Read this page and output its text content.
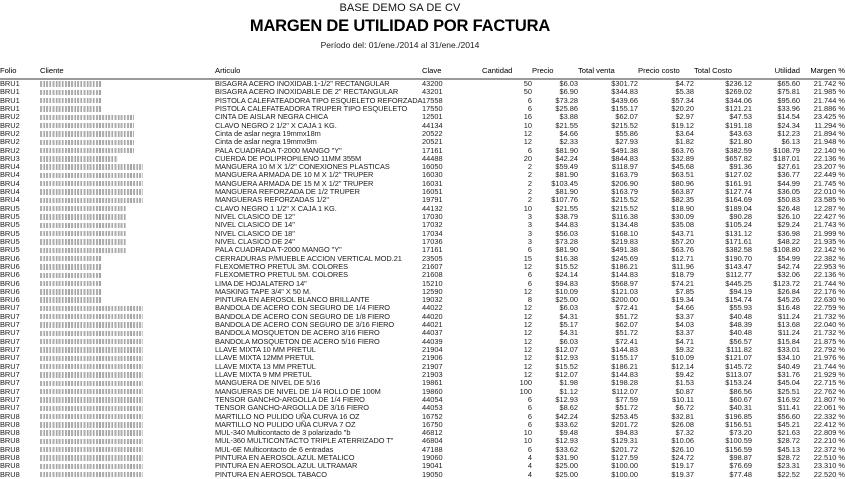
BASE DEMO SA DE CV
MARGEN DE UTILIDAD POR FACTURA
Período del: 01/ene./2014 al 31/ene./2014
Folio	Cliente	Articulo	Clave	Cantidad	Precio	Total venta	Precio costo	Total Costo	Utilidad	Margen %
BRU1		BISAGRA ACERO INOXIDAB.1-1/2" RECTANGULAR	43200	50	$6.03	$301.72	$4.72	$236.12	$65.60	21.742 %
BRU1		BISAGRA ACERO INOXIDABLE DE 2" RECTANGULAR	43201	50	$6.90	$344.83	$5.38	$269.02	$75.81	21.985 %
BRU1		PISTOLA CALEFATEADORA TIPO ESQUELETO REFORZADA	17558	6	$73.28	$439.66	$57.34	$344.06	$95.60	21.744 %
BRU1		PISTOLA CALEFATEADORA TRUPER TIPO ESQUELETO	17550	6	$25.86	$155.17	$20.20	$121.21	$33.96	21.886 %
BRU2		CINTA DE AISLAR NEGRA CHICA	12501	16	$3.88	$62.07	$2.97	$47.53	$14.54	23.425 %
BRU2		CLAVO NEGRO 2 1/2" X CAJA 1 KG.	44134	10	$21.55	$215.52	$19.12	$191.18	$24.34	11.294 %
BRU2		Cinta de aslar negra 19mmx18m	20522	12	$4.66	$55.86	$3.64	$43.63	$12.23	21.894 %
BRU2		Cinta de aslar negra 19mmx9m	20521	12	$2.33	$27.93	$1.82	$21.80	$6.13	21.948 %
BRU2		PALA CUADRADA T-2000 MANGO "Y"	17161	6	$81.90	$491.38	$63.76	$382.59	$108.79	22.140 %
BRU3		CUERDA DE POLIPROPILENO 11MM 355M	44488	20	$42.24	$844.83	$32.89	$657.82	$187.01	22.136 %
BRU4		MANGUERA 10 M X 1/2" CONEXIONES PLASTICAS	16050	2	$59.49	$118.97	$45.68	$91.36	$27.61	23.207 %
BRU4		MANGUERA ARMADA DE 10 M X 1/2" TRUPER	16030	2	$81.90	$163.79	$63.51	$127.02	$36.77	22.449 %
BRU4		MANGUERA ARMADA DE 15 M X 1/2" TRUPER	16031	2	$103.45	$206.90	$80.96	$161.91	$44.99	21.745 %
BRU4		MANGUERA REFORZADA DE 1/2 TRUPER	16051	2	$81.90	$163.79	$63.87	$127.74	$36.05	22.010 %
BRU4		MANGUERAS REFORZADAS 1/2"	19791	2	$107.76	$215.52	$82.35	$164.69	$50.83	23.585 %
BRU5		CLAVO NEGRO 1 1/2" X CAJA 1 KG.	44132	10	$21.55	$215.52	$18.90	$189.04	$26.48	12.287 %
BRU5		NIVEL CLASICO DE 12"	17030	3	$38.79	$116.38	$30.09	$90.28	$26.10	22.427 %
BRU5		NIVEL CLASICO DE 14"	17032	3	$44.83	$134.48	$35.08	$105.24	$29.24	21.743 %
BRU5		NIVEL CLASICO DE 18"	17034	3	$56.03	$168.10	$43.71	$131.12	$36.98	21.999 %
BRU5		NIVEL CLASICO DE 24"	17036	3	$73.28	$219.83	$57.20	$171.61	$48.22	21.935 %
BRU5		PALA CUADRADA T-2000 MANGO "Y"	17161	6	$81.90	$491.38	$63.76	$382.58	$108.80	22.142 %
BRU6		CERRADURAS P/MUEBLE ACCION VERTICAL MOD.21	23505	15	$16.38	$245.69	$12.71	$190.70	$54.99	22.382 %
BRU6		FLEXOMETRO PRETUL 3M. COLORES	21607	12	$15.52	$186.21	$11.96	$143.47	$42.74	22.953 %
BRU6		FLEXOMETRO PRETUL 5M. COLORES	21608	6	$24.14	$144.83	$18.79	$112.77	$32.06	22.136 %
BRU6		LIMA DE HOJALATERO 14"	15210	6	$94.83	$568.97	$74.21	$445.25	$123.72	21.744 %
BRU6		MASKING TAPE 3/4" X 50 M.	12590	12	$10.09	$121.03	$7.85	$94.19	$26.84	22.176 %
BRU6		PINTURA EN AEROSOL BLANCO BRILLANTE	19032	8	$25.00	$200.00	$19.34	$154.74	$45.26	22.630 %
BRU7		BANDOLA DE ACERO CON SEGURO DE 1/4 FIERO	44022	12	$6.03	$72.41	$4.66	$55.93	$16.48	22.759 %
BRU7		BANDOLA DE ACERO CON SEGURO DE 1/8 FIERO	44020	12	$4.31	$51.72	$3.37	$40.48	$11.24	21.732 %
BRU7		BANDOLA DE ACERO CON SEGURO DE 3/16 FIERO	44021	12	$5.17	$62.07	$4.03	$48.39	$13.68	22.040 %
BRU7		BANDOLA MOSQUETON DE ACERO 3/16 FIERO	44037	12	$4.31	$51.72	$3.37	$40.48	$11.24	21.732 %
BRU7		BANDOLA MOSQUETON DE ACERO 5/16 FIERO	44039	12	$6.03	$72.41	$4.71	$56.57	$15.84	21.875 %
BRU7		LLAVE MIXTA 10 MM PRETUL	21904	12	$12.07	$144.83	$9.32	$111.82	$33.01	22.792 %
BRU7		LLAVE MIXTA 12MM PRETUL	21906	12	$12.93	$155.17	$10.09	$121.07	$34.10	21.976 %
BRU7		LLAVE MIXTA 13 MM PRETUL	21907	12	$15.52	$186.21	$12.14	$145.72	$40.49	21.744 %
BRU7		LLAVE MIXTA 9 MM PRETUL	21903	12	$12.07	$144.83	$9.42	$113.07	$31.76	21.929 %
BRU7		MANGUERA DE NIVEL DE 5/16	19861	100	$1.98	$198.28	$1.53	$153.24	$45.04	22.715 %
BRU7		MANGUERAS DE NIVEL DE 1/4 ROLLO DE 100M	19860	100	$1.12	$112.07	$0.87	$86.56	$25.51	22.762 %
BRU7		TENSOR GANCHO-ARGOLLA DE 1/4 FIERO	44054	6	$12.93	$77.59	$10.11	$60.67	$16.92	21.807 %
BRU7		TENSOR GANCHO-ARGOLLA DE 3/16 FIERO	44053	6	$8.62	$51.72	$6.72	$40.31	$11.41	22.061 %
BRU8		MARTILLO NO PULIDO UÑA CURVA 16 OZ	16752	6	$42.24	$253.45	$32.81	$196.85	$56.60	22.332 %
BRU8		MARTILLO NO PULIDO UÑA CURVA 7 OZ	16750	6	$33.62	$201.72	$26.08	$156.51	$45.21	22.412 %
BRU8		MUL-340 Multicontacto de 3 polarizado "b	46812	10	$9.48	$94.83	$7.32	$73.20	$21.63	22.809 %
BRU8		MUL-360 MULTICONTACTO TRIPLE ATERRIZADO T"	46804	10	$12.93	$129.31	$10.06	$100.59	$28.72	22.210 %
BRU8		MUL-6E Multicontacto de 6 entradas	47188	6	$33.62	$201.72	$26.10	$156.59	$45.13	22.372 %
BRU8		PINTURA EN AEROSOL AZUL METALICO	19060	4	$31.90	$127.59	$24.72	$98.87	$28.72	22.510 %
BRU8		PINTURA EN AEROSOL AZUL ULTRAMAR	19041	4	$25.00	$100.00	$19.17	$76.69	$23.31	23.310 %
BRU8		PINTURA EN AEROSOL TABACO	19050	4	$25.00	$100.00	$19.37	$77.48	$22.52	22.520 %
